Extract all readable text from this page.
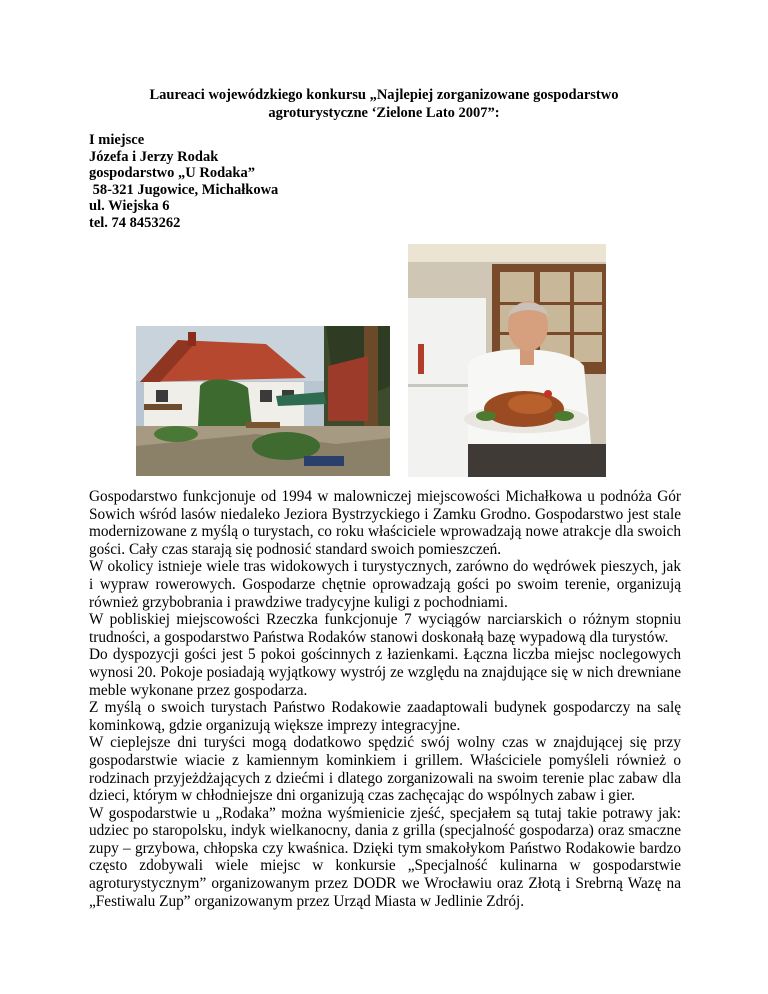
Laureaci wojewódzkiego konkursu „Najlepiej zorganizowane gospodarstwo
agroturystyczne ‘Zielone Lato 2007”:
I miejsce
Józefa i Jerzy Rodak
gospodarstwo „U Rodaka”
58-321 Jugowice, Michałkowa
ul. Wiejska 6
tel. 74 8453262

Gospodarstwo funkcjonuje od 1994 w malowniczej miejscowości Michałkowa u podnóża Gór Sowich wśród lasów niedaleko Jeziora Bystrzyckiego i Zamku Grodno. Gospodarstwo jest stale modernizowane z myślą o turystach, co roku właściciele wprowadzają nowe atrakcje dla swoich gości. Cały czas starają się podnosić standard swoich pomieszczeń.

W okolicy istnieje wiele tras widokowych i turystycznych, zarówno do wędrówek pieszych, jak i wypraw rowerowych. Gospodarze chętnie oprowadzają gości po swoim terenie, organizują również grzybobrania i prawdziwe tradycyjne kuligi z pochodniami.

W pobliskiej miejscowości Rzeczka funkcjonuje 7 wyciągów narciarskich o różnym stopniu trudności, a gospodarstwo Państwa Rodaków stanowi doskonałą bazę wypadową dla turystów.

Do dyspozycji gości jest 5 pokoi gościnnych z łazienkami. Łączna liczba miejsc noclegowych wynosi 20. Pokoje posiadają wyjątkowy wystrój ze względu na znajdujące się w nich drewniane meble wykonane przez gospodarza.

Z myślą o swoich turystach Państwo Rodakowie zaadaptowali budynek gospodarczy na salę kominkową, gdzie organizują większe imprezy integracyjne.

W cieplejsze dni turyści mogą dodatkowo spędzić swój wolny czas w znajdującej się przy gospodarstwie wiacie z kamiennym kominkiem i grillem. Właściciele pomyśleli również o rodzinach przyjeżdżających z dziećmi i dlatego zorganizowali na swoim terenie plac zabaw dla dzieci, którym w chłodniejsze dni organizują czas zachęcając do wspólnych zabaw i gier.

W gospodarstwie u „Rodaka” można wyśmienicie zjeść, specjałem są tutaj takie potrawy jak: udziec po staropolsku, indyk wielkanocny, dania z grilla (specjalność gospodarza) oraz smaczne zupy – grzybowa, chłopska czy kwaśnica. Dzięki tym smakołykom Państwo Rodakowie bardzo często zdobywali wiele miejsc w konkursie „Specjalność kulinarna w gospodarstwie agroturystycznym” organizowanym przez DODR we Wrocławiu oraz Złotą i Srebrną Wazę na „Festiwalu Zup” organizowanym przez Urząd Miasta w Jedlinie Zdrój.
